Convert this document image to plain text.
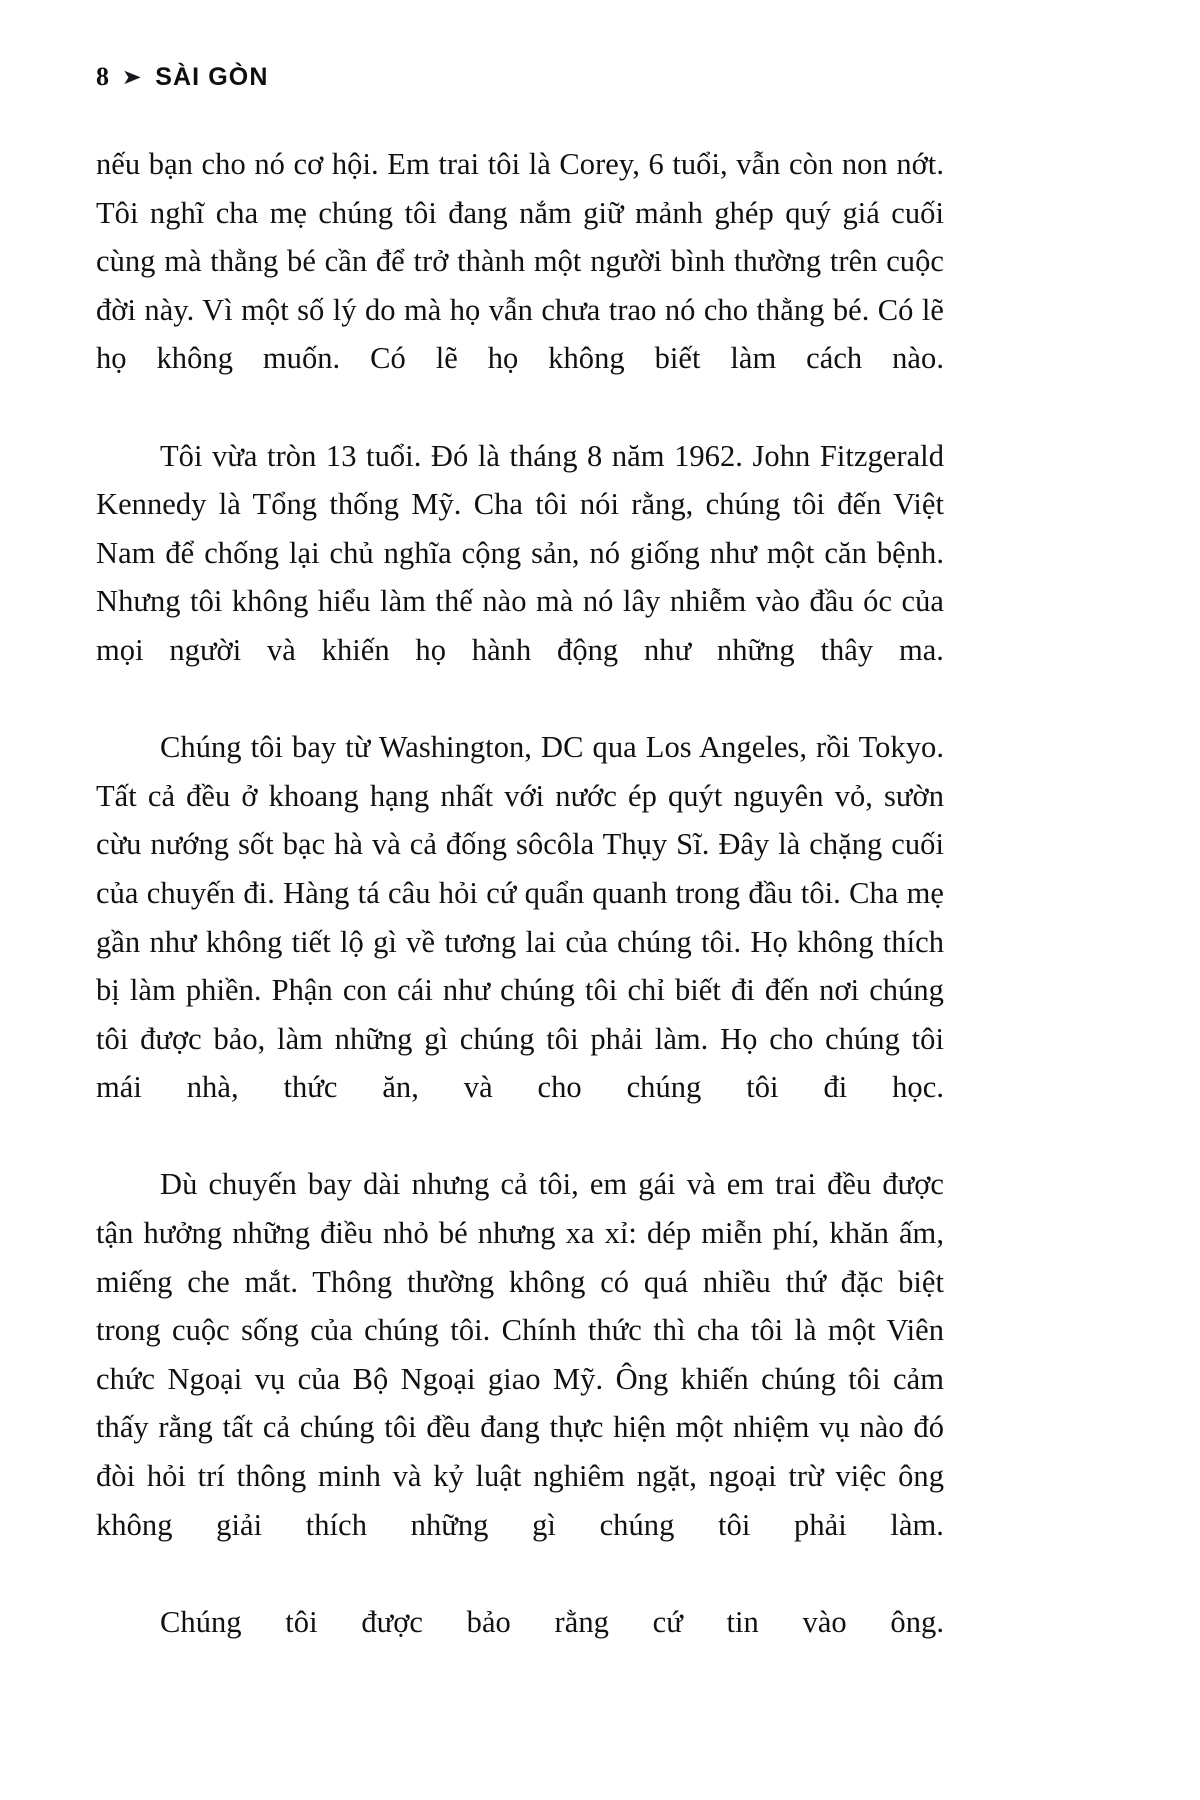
8 ➤ SÀI GÒN

nếu bạn cho nó cơ hội. Em trai tôi là Corey, 6 tuổi, vẫn còn non nớt. Tôi nghĩ cha mẹ chúng tôi đang nắm giữ mảnh ghép quý giá cuối cùng mà thằng bé cần để trở thành một người bình thường trên cuộc đời này. Vì một số lý do mà họ vẫn chưa trao nó cho thằng bé. Có lẽ họ không muốn. Có lẽ họ không biết làm cách nào.

Tôi vừa tròn 13 tuổi. Đó là tháng 8 năm 1962. John Fitzgerald Kennedy là Tổng thống Mỹ. Cha tôi nói rằng, chúng tôi đến Việt Nam để chống lại chủ nghĩa cộng sản, nó giống như một căn bệnh. Nhưng tôi không hiểu làm thế nào mà nó lây nhiễm vào đầu óc của mọi người và khiến họ hành động như những thây ma.

Chúng tôi bay từ Washington, DC qua Los Angeles, rồi Tokyo. Tất cả đều ở khoang hạng nhất với nước ép quýt nguyên vỏ, sườn cừu nướng sốt bạc hà và cả đống sôcôla Thụy Sĩ. Đây là chặng cuối của chuyến đi. Hàng tá câu hỏi cứ quẩn quanh trong đầu tôi. Cha mẹ gần như không tiết lộ gì về tương lai của chúng tôi. Họ không thích bị làm phiền. Phận con cái như chúng tôi chỉ biết đi đến nơi chúng tôi được bảo, làm những gì chúng tôi phải làm. Họ cho chúng tôi mái nhà, thức ăn, và cho chúng tôi đi học.

Dù chuyến bay dài nhưng cả tôi, em gái và em trai đều được tận hưởng những điều nhỏ bé nhưng xa xỉ: dép miễn phí, khăn ấm, miếng che mắt. Thông thường không có quá nhiều thứ đặc biệt trong cuộc sống của chúng tôi. Chính thức thì cha tôi là một Viên chức Ngoại vụ của Bộ Ngoại giao Mỹ. Ông khiến chúng tôi cảm thấy rằng tất cả chúng tôi đều đang thực hiện một nhiệm vụ nào đó đòi hỏi trí thông minh và kỷ luật nghiêm ngặt, ngoại trừ việc ông không giải thích những gì chúng tôi phải làm.

Chúng tôi được bảo rằng cứ tin vào ông.
